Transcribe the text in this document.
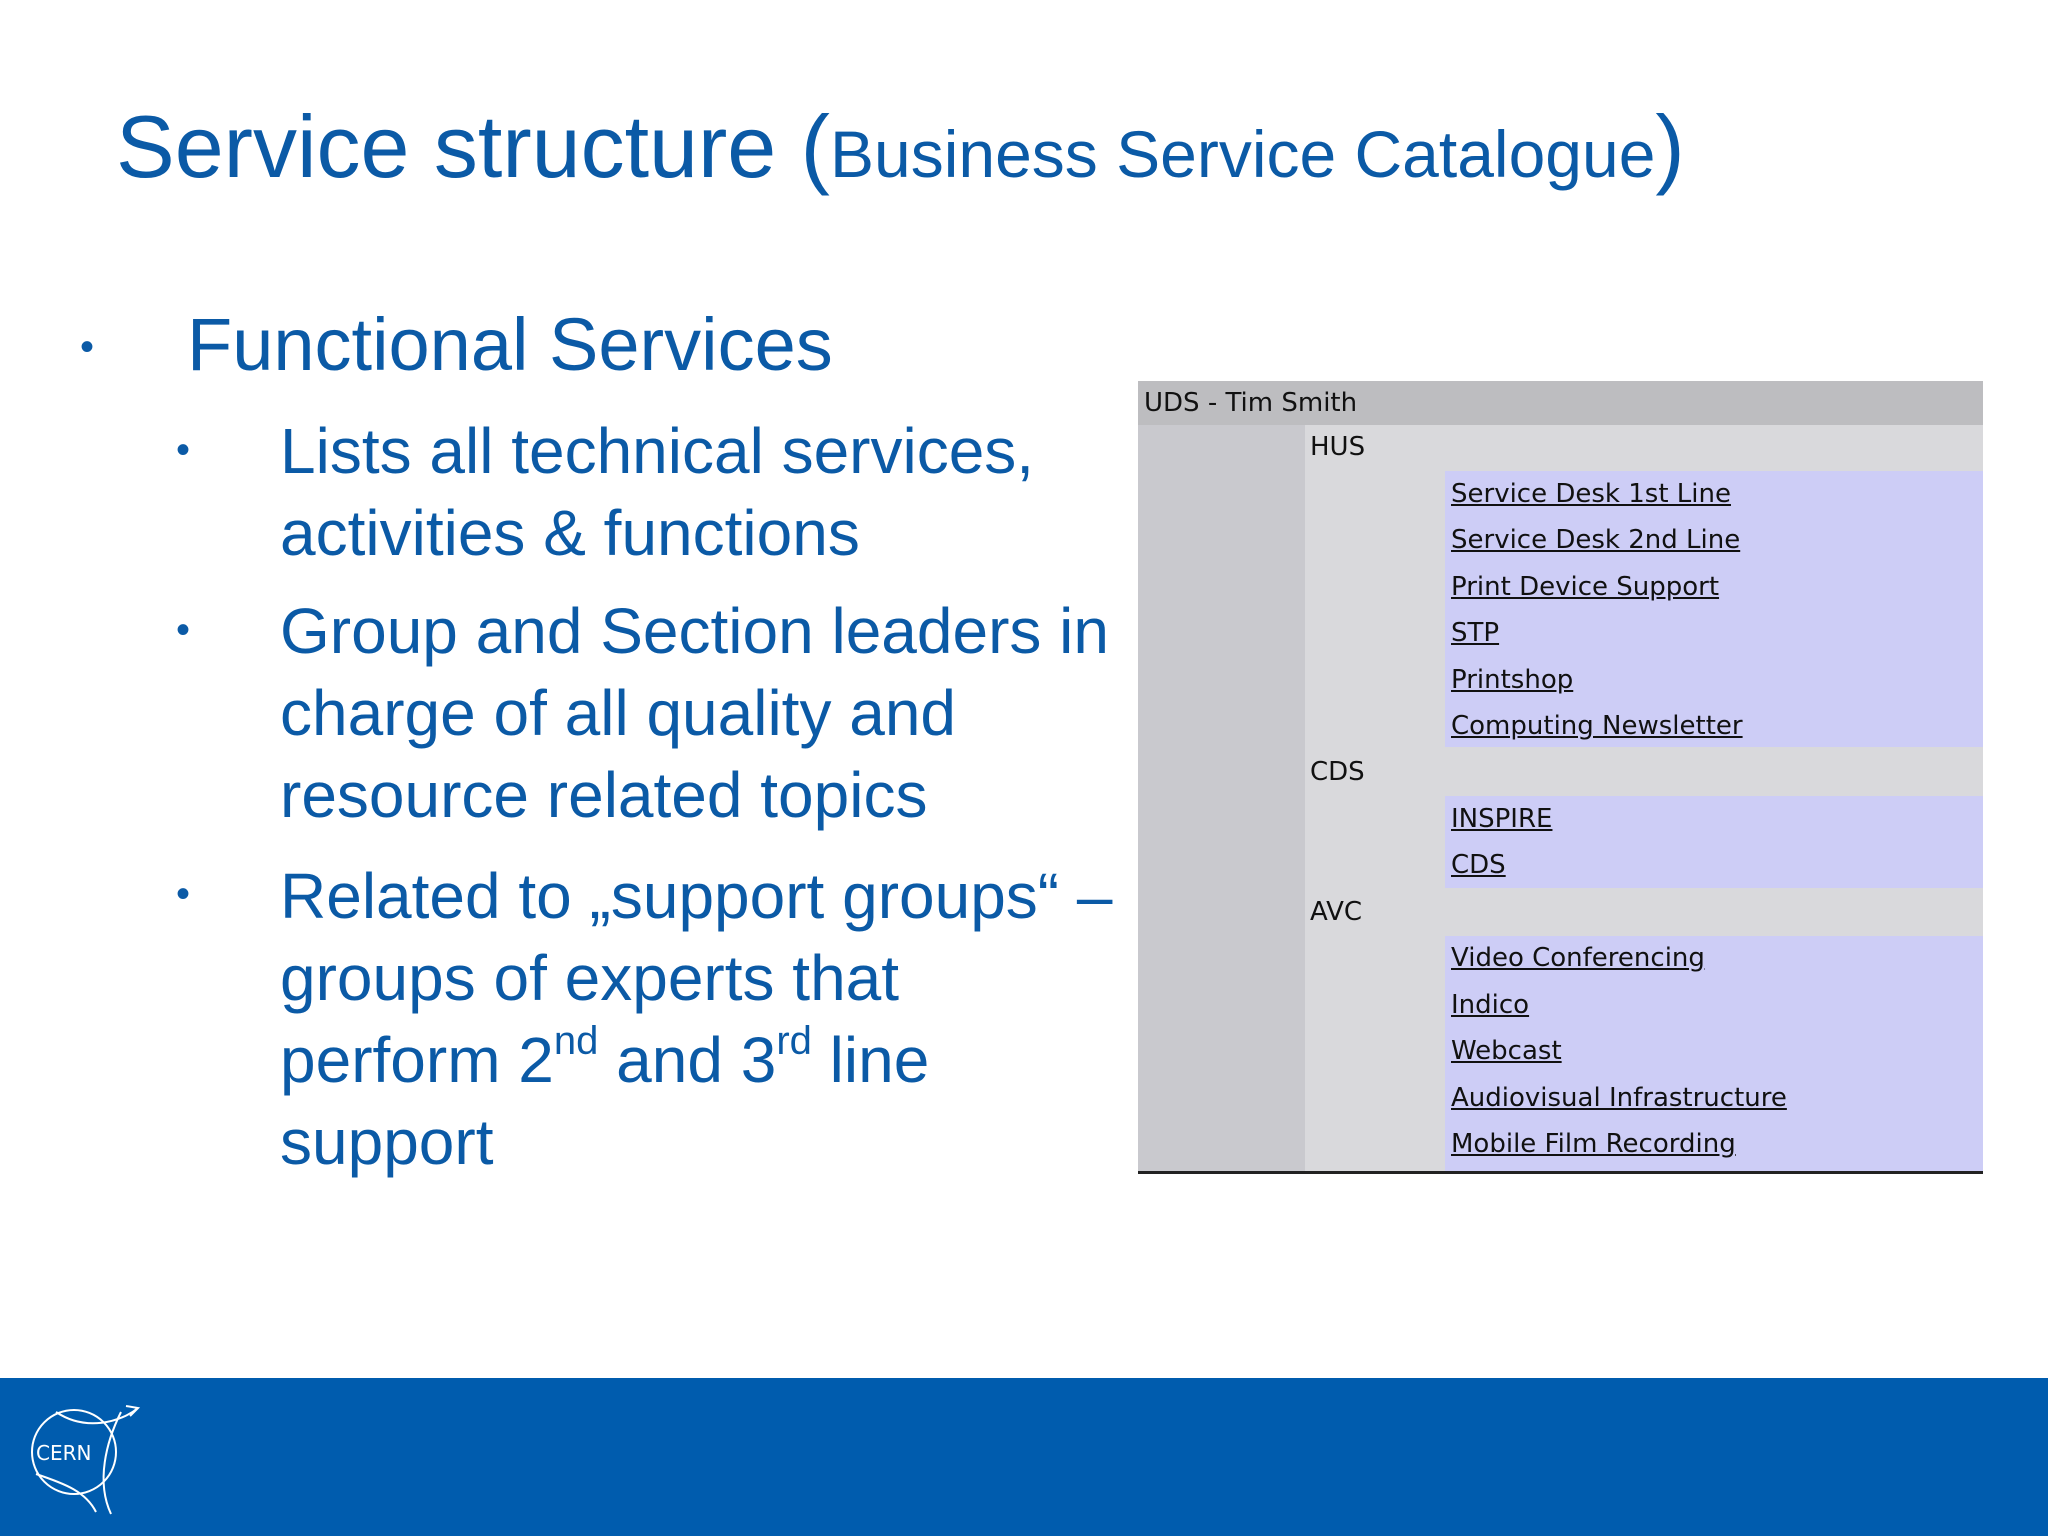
Service structure (Business Service Catalogue)
• Functional Services
• Lists all technical services, activities & functions
• Group and Section leaders in charge of all quality and resource related topics
• Related to „support groups“ – groups of experts that perform 2nd and 3rd line support
UDS - Tim Smith
HUS
Service Desk 1st Line
Service Desk 2nd Line
Print Device Support
STP
Printshop
Computing Newsletter
CDS
INSPIRE
CDS
AVC
Video Conferencing
Indico
Webcast
Audiovisual Infrastructure
Mobile Film Recording
CERN
